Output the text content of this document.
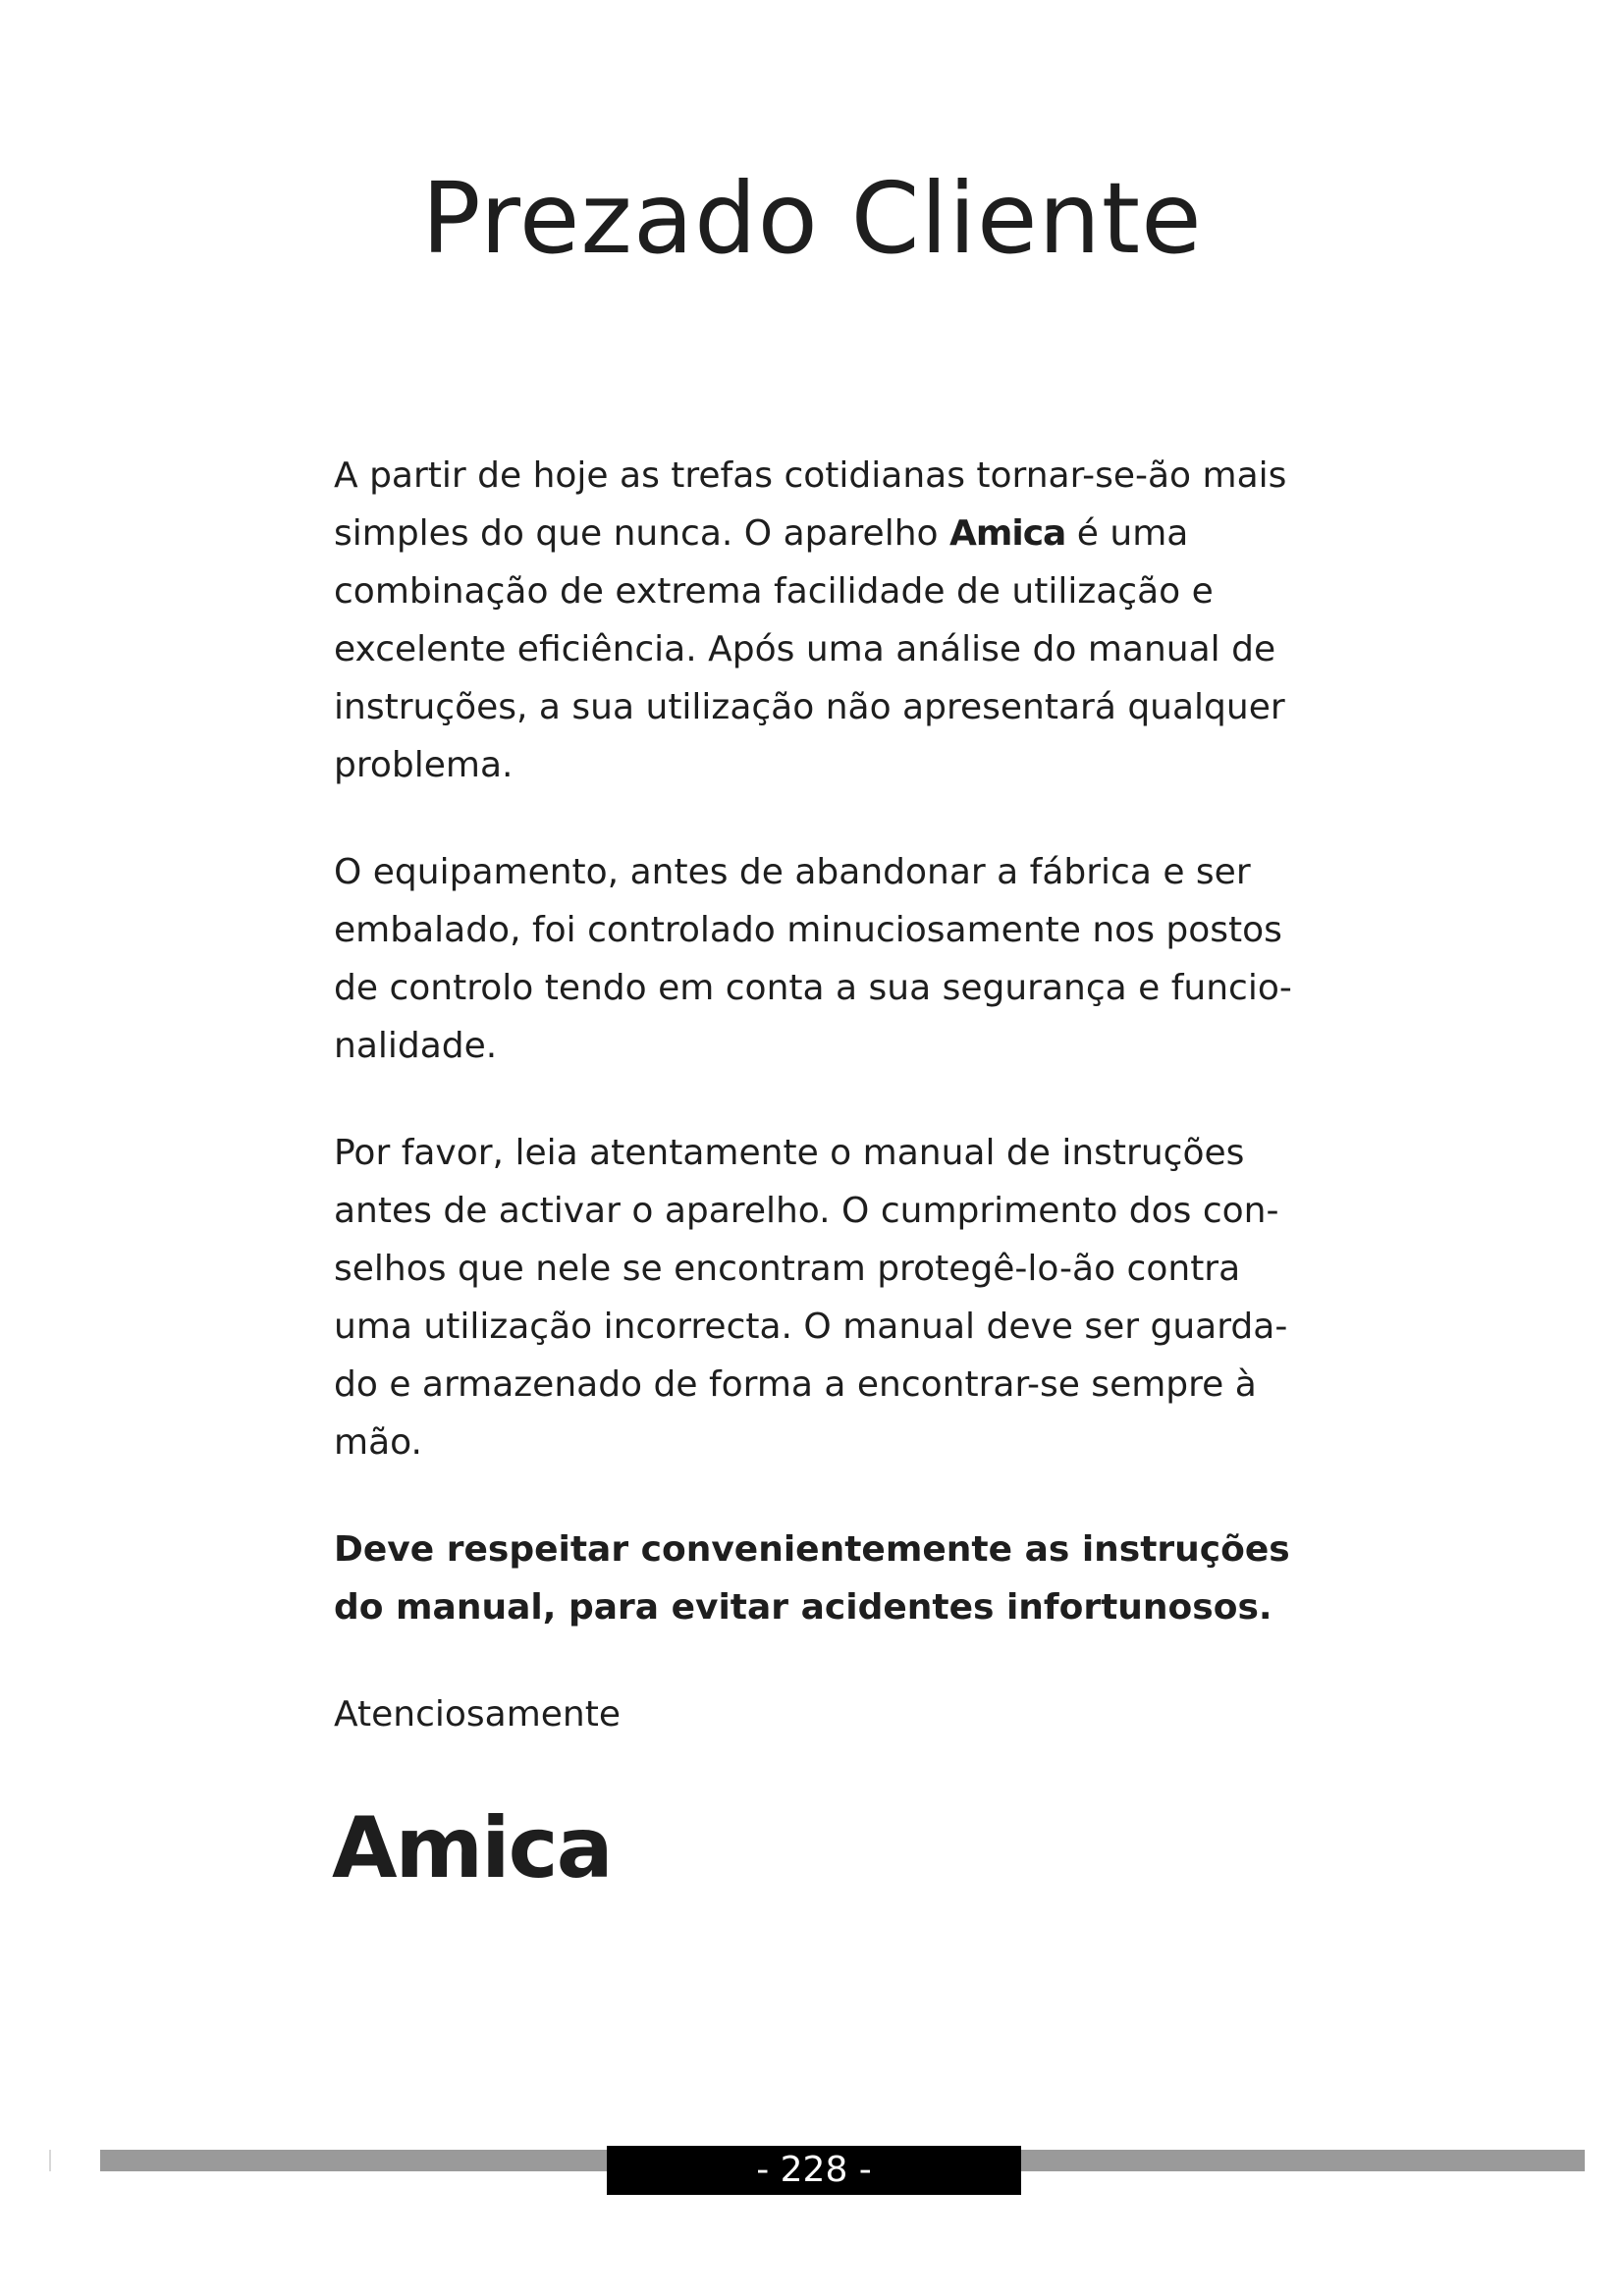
Prezado Cliente

A partir de hoje as trefas cotidianas tornar-se-ão mais simples do que nunca. O aparelho Amica é uma combinação de extrema facilidade de utilização e excelente eficiência. Após uma análise do manual de instruções, a sua utilização não apresentará qualquer problema.

O equipamento, antes de abandonar a fábrica e ser embalado, foi controlado minuciosamente nos postos de controlo tendo em conta a sua segurança e funcionalidade.

Por favor, leia atentamente o manual de instruções antes de activar o aparelho. O cumprimento dos conselhos que nele se encontram protegê-lo-ão contra uma utilização incorrecta. O manual deve ser guardado e armazenado de forma a encontrar-se sempre à mão.

Deve respeitar convenientemente as instruções do manual, para evitar acidentes infortunosos.

Atenciosamente

Amica
- 228 -
